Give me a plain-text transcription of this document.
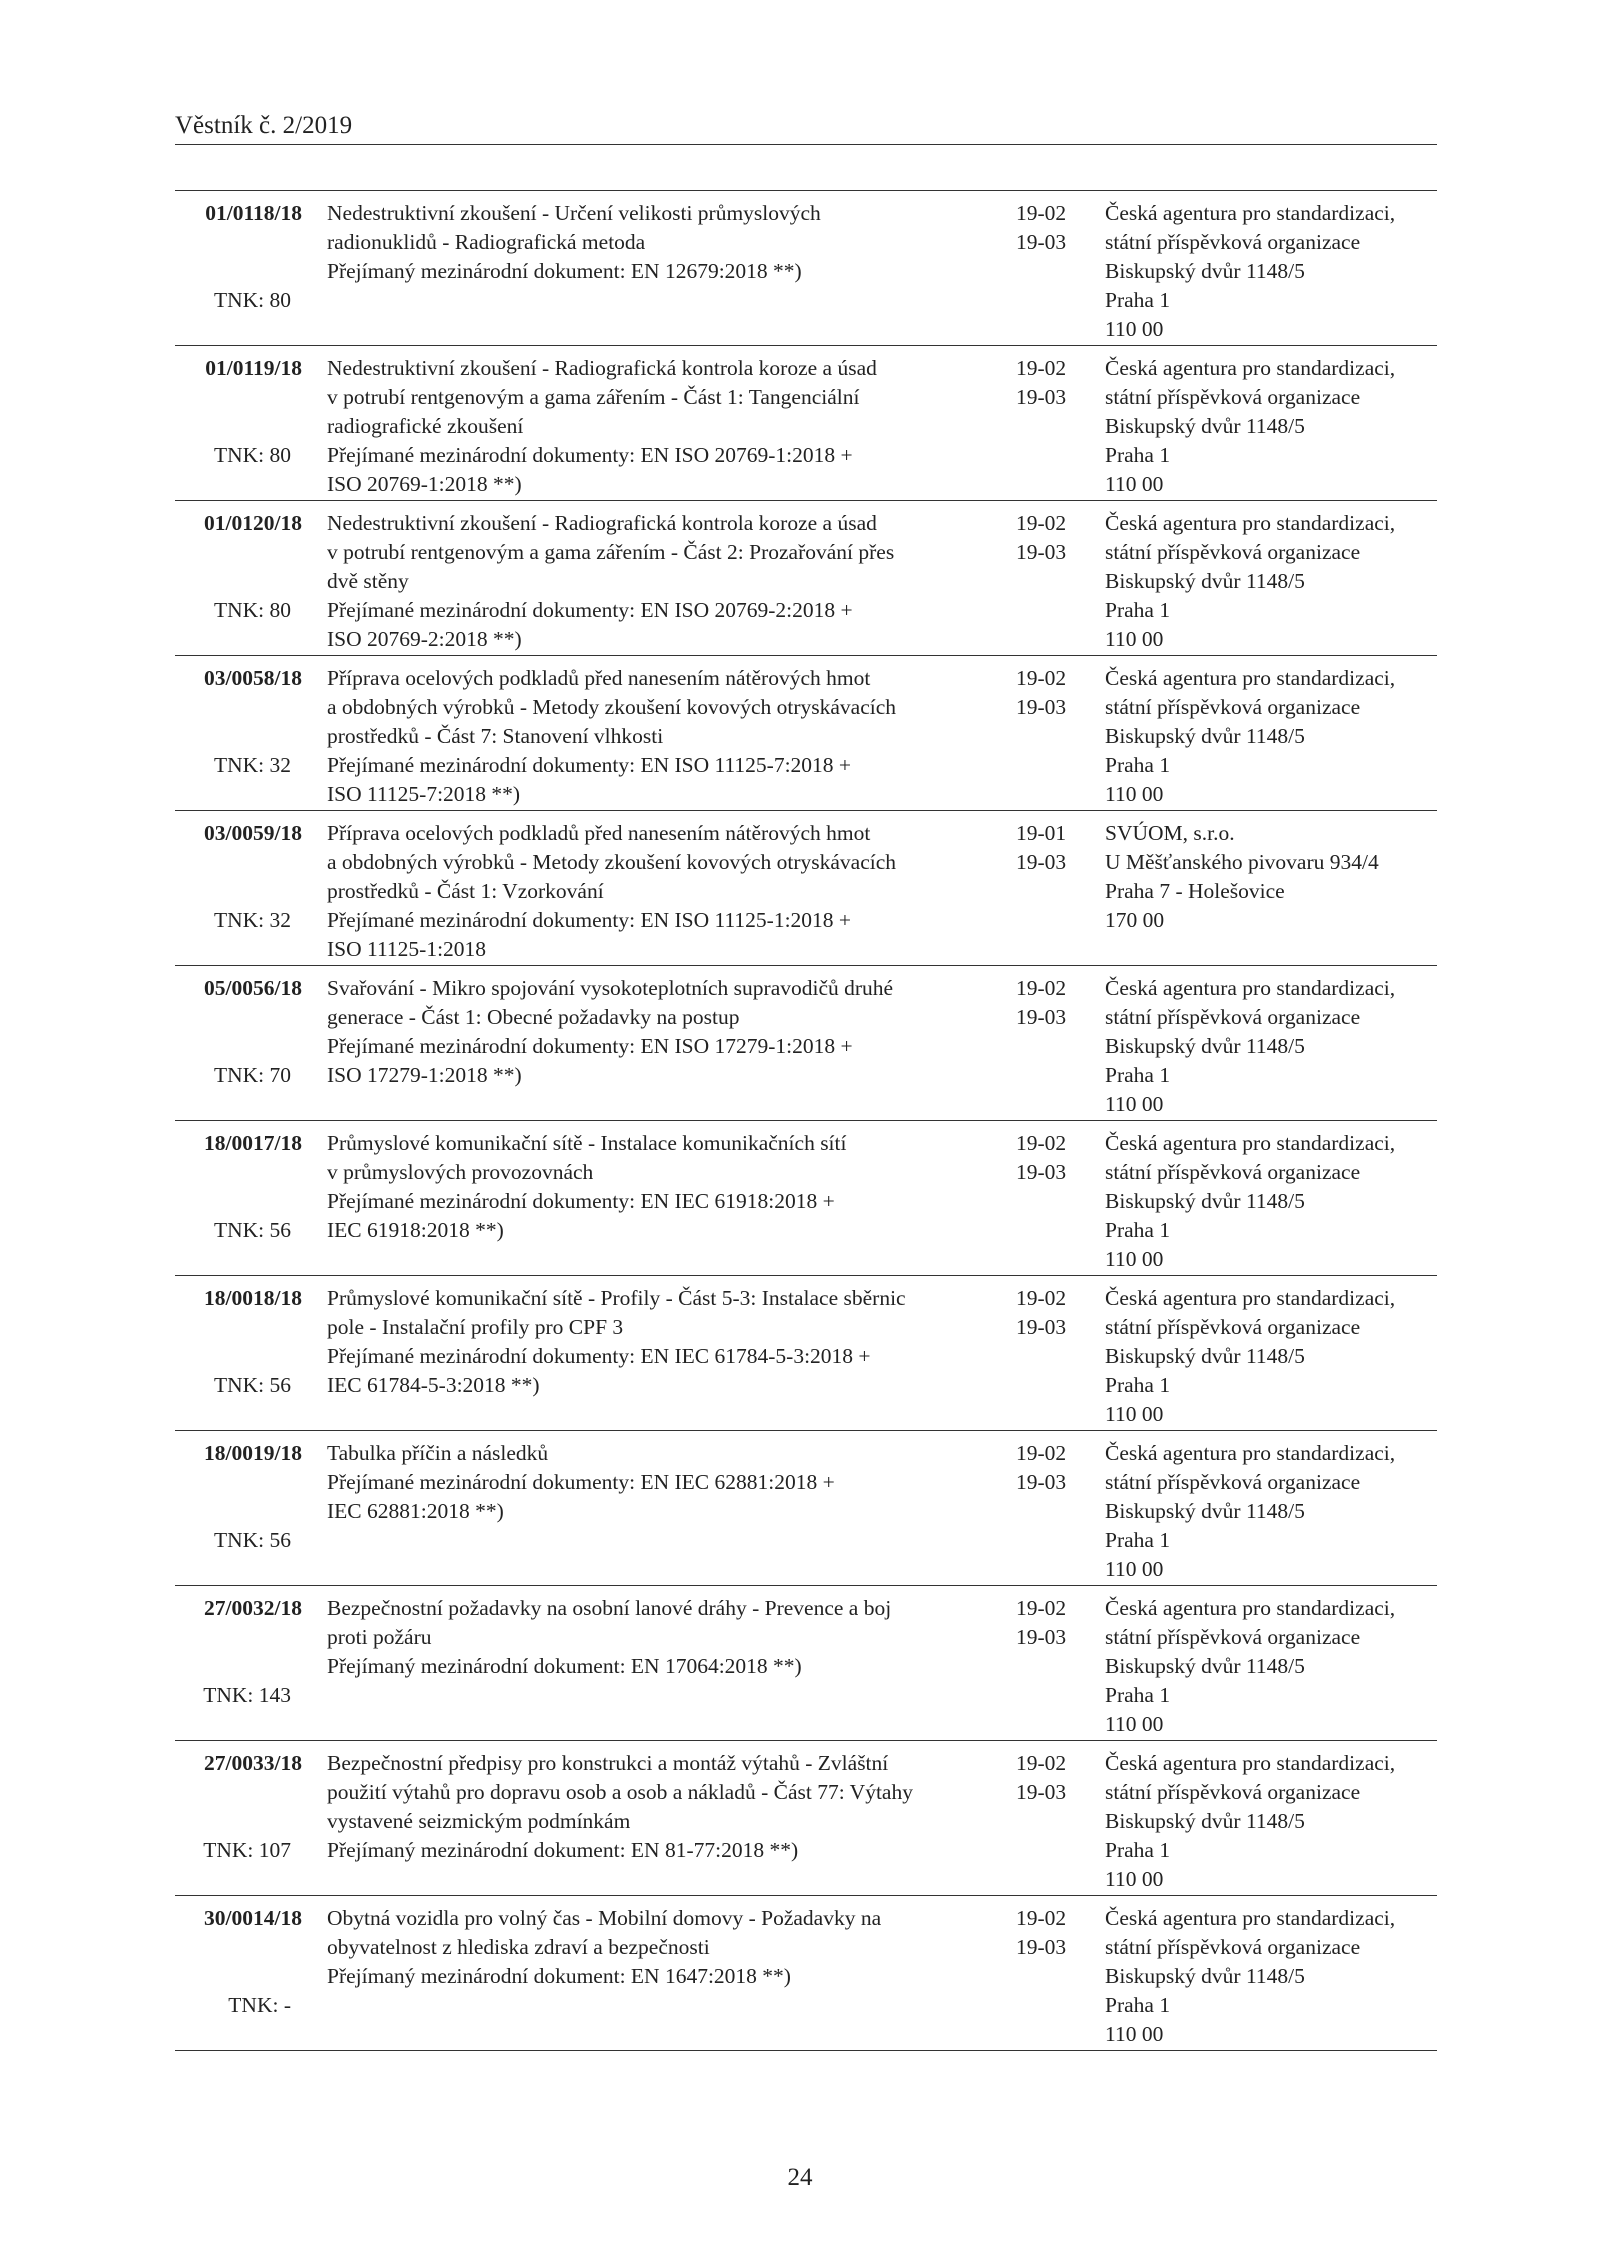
Věstník č. 2/2019
01/0118/18
TNK: 80
Nedestruktivní zkoušení - Určení velikosti průmyslových
radionuklidů - Radiografická metoda
Přejímaný mezinárodní dokument: EN 12679:2018 **)
19-02
19-03
Česká agentura pro standardizaci,
státní příspěvková organizace
Biskupský dvůr 1148/5
Praha 1
110 00
01/0119/18
TNK: 80
Nedestruktivní zkoušení - Radiografická kontrola koroze a úsad
v potrubí rentgenovým a gama zářením - Část 1: Tangenciální
radiografické zkoušení
Přejímané mezinárodní dokumenty: EN ISO 20769-1:2018 +
ISO 20769-1:2018 **)
19-02
19-03
Česká agentura pro standardizaci,
státní příspěvková organizace
Biskupský dvůr 1148/5
Praha 1
110 00
01/0120/18
TNK: 80
Nedestruktivní zkoušení - Radiografická kontrola koroze a úsad
v potrubí rentgenovým a gama zářením - Část 2: Prozařování přes
dvě stěny
Přejímané mezinárodní dokumenty: EN ISO 20769-2:2018 +
ISO 20769-2:2018 **)
19-02
19-03
Česká agentura pro standardizaci,
státní příspěvková organizace
Biskupský dvůr 1148/5
Praha 1
110 00
03/0058/18
TNK: 32
Příprava ocelových podkladů před nanesením nátěrových hmot
a obdobných výrobků - Metody zkoušení kovových otryskávacích
prostředků - Část 7: Stanovení vlhkosti
Přejímané mezinárodní dokumenty: EN ISO 11125-7:2018 +
ISO 11125-7:2018 **)
19-02
19-03
Česká agentura pro standardizaci,
státní příspěvková organizace
Biskupský dvůr 1148/5
Praha 1
110 00
03/0059/18
TNK: 32
Příprava ocelových podkladů před nanesením nátěrových hmot
a obdobných výrobků - Metody zkoušení kovových otryskávacích
prostředků - Část 1: Vzorkování
Přejímané mezinárodní dokumenty: EN ISO 11125-1:2018 +
ISO 11125-1:2018
19-01
19-03
SVÚOM, s.r.o.
U Měšťanského pivovaru 934/4
Praha 7 - Holešovice
170 00
05/0056/18
TNK: 70
Svařování - Mikro spojování vysokoteplotních supravodičů druhé
generace - Část 1: Obecné požadavky na postup
Přejímané mezinárodní dokumenty: EN ISO 17279-1:2018 +
ISO 17279-1:2018 **)
19-02
19-03
Česká agentura pro standardizaci,
státní příspěvková organizace
Biskupský dvůr 1148/5
Praha 1
110 00
18/0017/18
TNK: 56
Průmyslové komunikační sítě - Instalace komunikačních sítí
v průmyslových provozovnách
Přejímané mezinárodní dokumenty: EN IEC 61918:2018 +
IEC 61918:2018 **)
19-02
19-03
Česká agentura pro standardizaci,
státní příspěvková organizace
Biskupský dvůr 1148/5
Praha 1
110 00
18/0018/18
TNK: 56
Průmyslové komunikační sítě - Profily - Část 5-3: Instalace sběrnic
pole - Instalační profily pro CPF 3
Přejímané mezinárodní dokumenty: EN IEC 61784-5-3:2018 +
IEC 61784-5-3:2018 **)
19-02
19-03
Česká agentura pro standardizaci,
státní příspěvková organizace
Biskupský dvůr 1148/5
Praha 1
110 00
18/0019/18
TNK: 56
Tabulka příčin a následků
Přejímané mezinárodní dokumenty: EN IEC 62881:2018 +
IEC 62881:2018 **)
19-02
19-03
Česká agentura pro standardizaci,
státní příspěvková organizace
Biskupský dvůr 1148/5
Praha 1
110 00
27/0032/18
TNK: 143
Bezpečnostní požadavky na osobní lanové dráhy - Prevence a boj
proti požáru
Přejímaný mezinárodní dokument: EN 17064:2018 **)
19-02
19-03
Česká agentura pro standardizaci,
státní příspěvková organizace
Biskupský dvůr 1148/5
Praha 1
110 00
27/0033/18
TNK: 107
Bezpečnostní předpisy pro konstrukci a montáž výtahů - Zvláštní
použití výtahů pro dopravu osob a osob a nákladů - Část 77: Výtahy
vystavené seizmickým podmínkám
Přejímaný mezinárodní dokument: EN 81-77:2018 **)
19-02
19-03
Česká agentura pro standardizaci,
státní příspěvková organizace
Biskupský dvůr 1148/5
Praha 1
110 00
30/0014/18
TNK: -
Obytná vozidla pro volný čas - Mobilní domovy - Požadavky na
obyvatelnost z hlediska zdraví a bezpečnosti
Přejímaný mezinárodní dokument: EN 1647:2018 **)
19-02
19-03
Česká agentura pro standardizaci,
státní příspěvková organizace
Biskupský dvůr 1148/5
Praha 1
110 00
24
